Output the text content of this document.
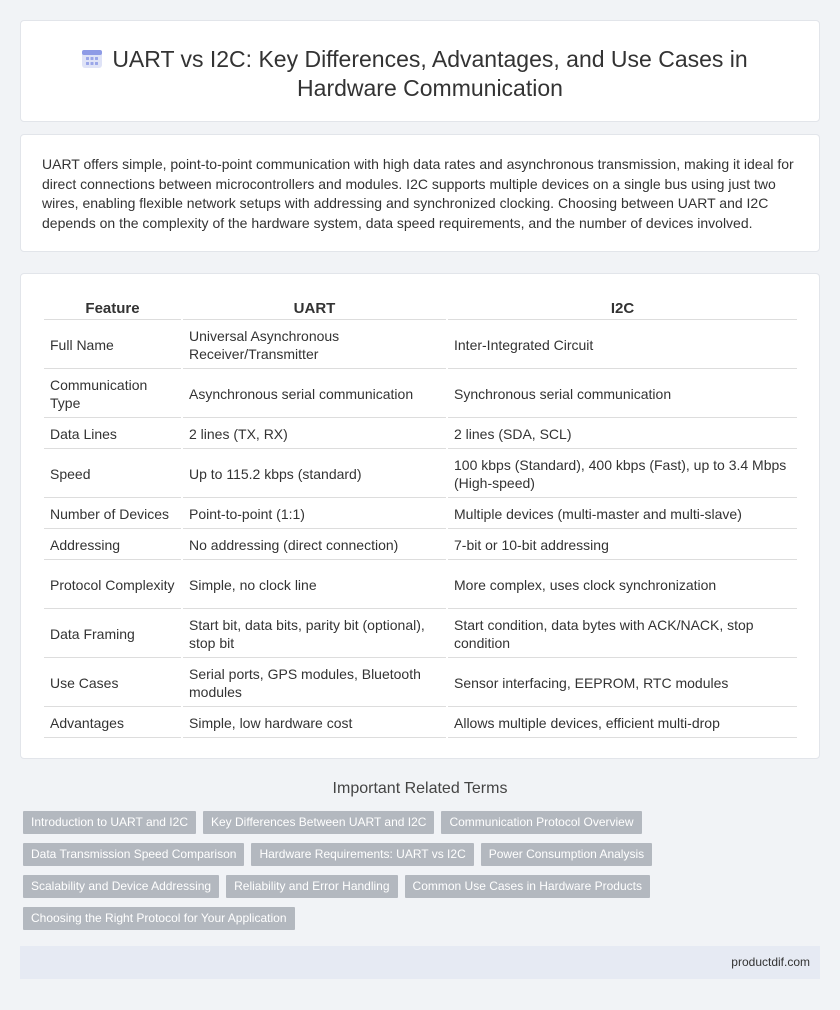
UART vs I2C: Key Differences, Advantages, and Use Cases in Hardware Communication

UART offers simple, point-to-point communication with high data rates and asynchronous transmission, making it ideal for direct connections between microcontrollers and modules. I2C supports multiple devices on a single bus using just two wires, enabling flexible network setups with addressing and synchronized clocking. Choosing between UART and I2C depends on the complexity of the hardware system, data speed requirements, and the number of devices involved.

Feature	UART	I2C
Full Name	Universal Asynchronous Receiver/Transmitter	Inter-Integrated Circuit
Communication Type	Asynchronous serial communication	Synchronous serial communication
Data Lines	2 lines (TX, RX)	2 lines (SDA, SCL)
Speed	Up to 115.2 kbps (standard)	100 kbps (Standard), 400 kbps (Fast), up to 3.4 Mbps (High-speed)
Number of Devices	Point-to-point (1:1)	Multiple devices (multi-master and multi-slave)
Addressing	No addressing (direct connection)	7-bit or 10-bit addressing
Protocol Complexity	Simple, no clock line	More complex, uses clock synchronization
Data Framing	Start bit, data bits, parity bit (optional), stop bit	Start condition, data bytes with ACK/NACK, stop condition
Use Cases	Serial ports, GPS modules, Bluetooth modules	Sensor interfacing, EEPROM, RTC modules
Advantages	Simple, low hardware cost	Allows multiple devices, efficient multi-drop
Important Related Terms
Introduction to UART and I2C	Key Differences Between UART and I2C	Communication Protocol Overview
Data Transmission Speed Comparison	Hardware Requirements: UART vs I2C	Power Consumption Analysis
Scalability and Device Addressing	Reliability and Error Handling	Common Use Cases in Hardware Products
Choosing the Right Protocol for Your Application
productdif.com
